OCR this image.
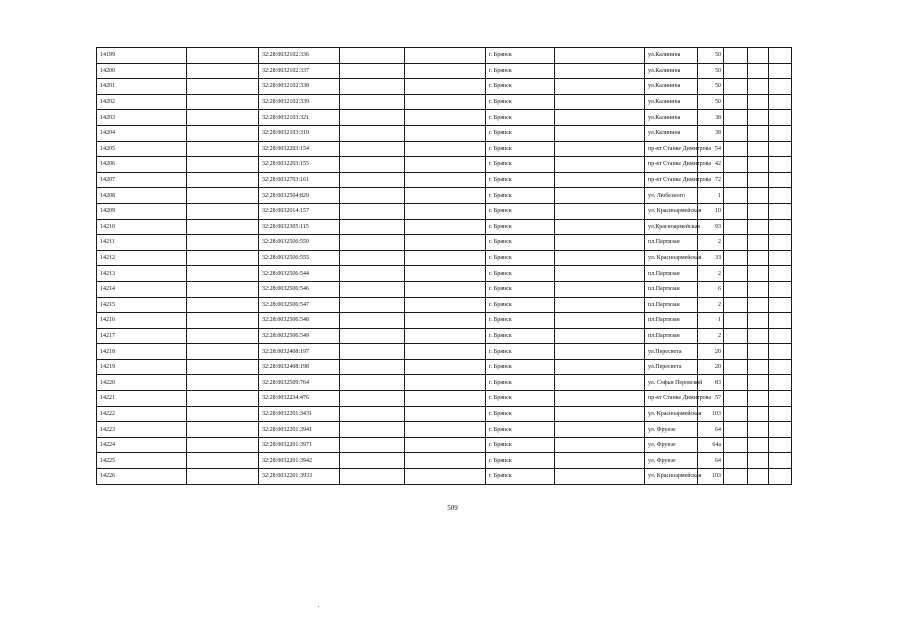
14199		32:28:0032102:336			г. Брянск		ул.Калинина	50			
14200		32:28:0032102:337			г. Брянск		ул.Калинина	50			
14201		32:28:0032102:338			г. Брянск		ул.Калинина	50			
14202		32:28:0032102:339			г. Брянск		ул.Калинина	50			
14203		32:28:0032103:321			г. Брянск		ул.Калинина	38			
14204		32:28:0032103:319			г. Брянск		ул.Калинина	38			
14205		32:28:0032203:154			г. Брянск		пр-кт Станке Димитрова	54			
14206		32:28:0032203:155			г. Брянск		пр-кт Станке Димитрова	42			
14207		32:28:0032703:161			г. Брянск		пр-кт Станке Димитрова	72			
14208		32:28:0032504:829			г. Брянск		ул. Любезного	1			
14209		32:28:0032014:157			г. Брянск		ул. Красноармейская	10			
14210		32:28:0032305:115			г. Брянск		ул.Красноармейская	93			
14211		32:28:0032506:550			г. Брянск		пл.Партизан	2			
14212		32:28:0032506:555			г. Брянск		ул. Красноармейская	33			
14213		32:28:0032506:544			г. Брянск		пл.Партизан	2			
14214		32:28:0032506:546			г. Брянск		пл.Партизан	6			
14215		32:28:0032506:547			г. Брянск		пл.Партизан	2			
14216		32:28:0032506:548			г. Брянск		пл.Партизан	1			
14217		32:28:0032506:549			г. Брянск		пл.Партизан	2			
14218		32:28:0032408:197			г. Брянск		ул.Пересвета	20			
14219		32:28:0032408:198			г. Брянск		ул.Пересвета	20			
14220		32:28:0032509:764			г. Брянск		ул. Софьи Перовской	83			
14221		32:28:0032234:476			г. Брянск		пр-кт Станке Димитрова	57			
14222		32:28:0032201:3431			г. Брянск		ул. Красноармейская	103			
14223		32:28:0032201:3941			г. Брянск		ул. Фрунзе	64			
14224		32:28:0032201:3971			г. Брянск		ул. Фрунзе	64а			
14225		32:28:0032201:3942			г. Брянск		ул. Фрунзе	64			
14226		32:28:0032201:3933			г. Брянск		ул. Красноармейская	103			
509
